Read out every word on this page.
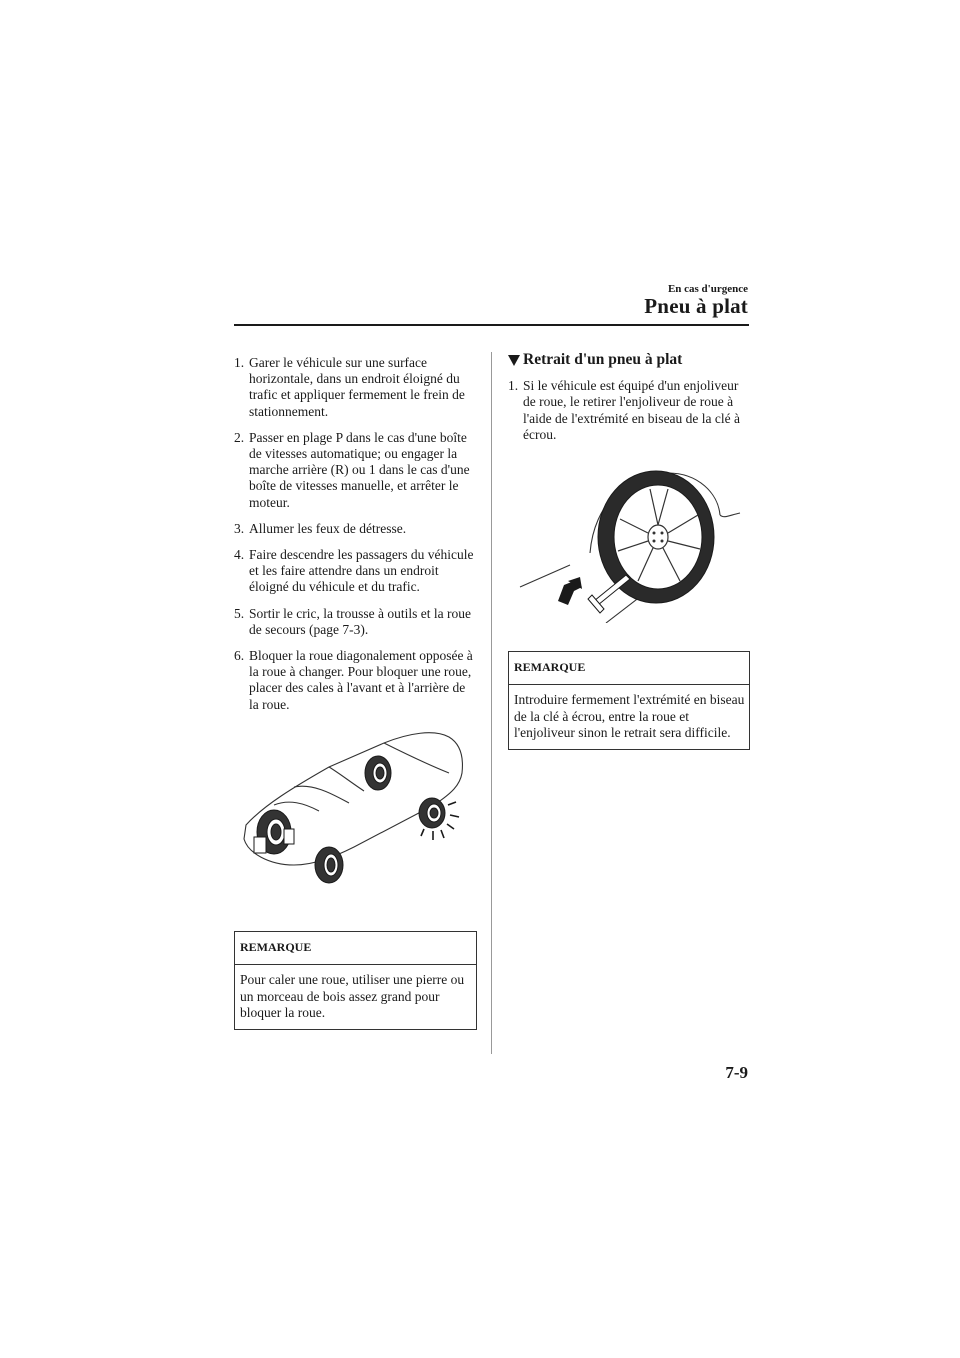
En cas d'urgence
Pneu à plat
1. Garer le véhicule sur une surface horizontale, dans un endroit éloigné du trafic et appliquer fermement le frein de stationnement.
2. Passer en plage P dans le cas d'une boîte de vitesses automatique; ou engager la marche arrière (R) ou 1 dans le cas d'une boîte de vitesses manuelle, et arrêter le moteur.
3. Allumer les feux de détresse.
4. Faire descendre les passagers du véhicule et les faire attendre dans un endroit éloigné du véhicule et du trafic.
5. Sortir le cric, la trousse à outils et la roue de secours (page 7-3).
6. Bloquer la roue diagonalement opposée à la roue à changer. Pour bloquer une roue, placer des cales à l'avant et à l'arrière de la roue.
REMARQUE
Pour caler une roue, utiliser une pierre ou un morceau de bois assez grand pour bloquer la roue.
Retrait d'un pneu à plat
1. Si le véhicule est équipé d'un enjoliveur de roue, le retirer l'enjoliveur de roue à l'aide de l'extrémité en biseau de la clé à écrou.
REMARQUE
Introduire fermement l'extrémité en biseau de la clé à écrou, entre la roue et l'enjoliveur sinon le retrait sera difficile.
7-9
